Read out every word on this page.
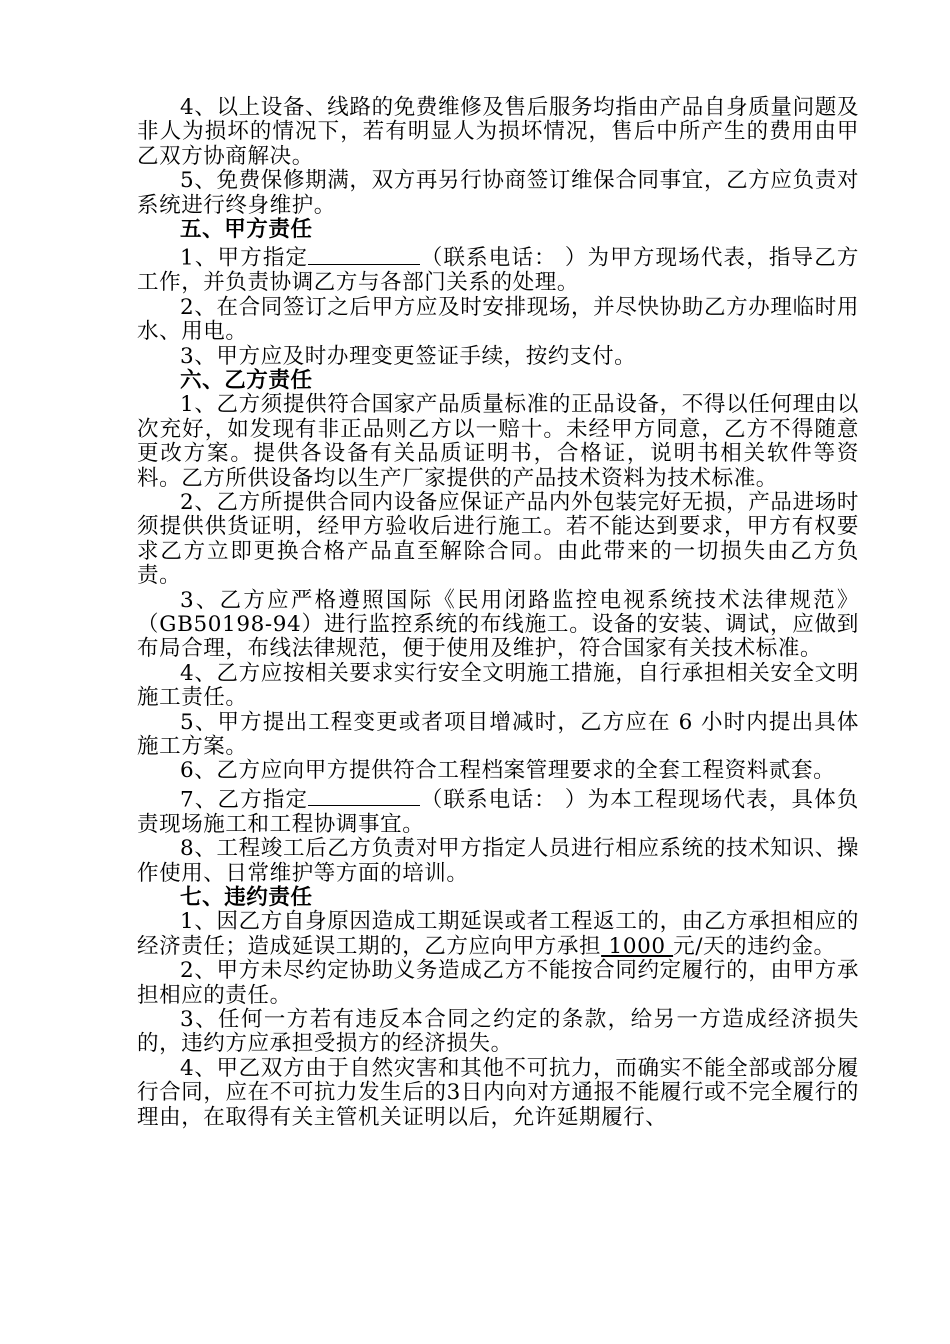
4、以上设备、线路的免费维修及售后服务均指由产品自身质量问题及非人为损坏的情况下，若有明显人为损坏情况，售后中所产生的费用由甲乙双方协商解决。

5、免费保修期满，双方再另行协商签订维保合同事宜，乙方应负责对系统进行终身维护。

五、甲方责任

1、甲方指定	（联系电话： ）为甲方现场代表，指导乙方工作，并负责协调乙方与各部门关系的处理。

2、在合同签订之后甲方应及时安排现场，并尽快协助乙方办理临时用水、用电。

3、甲方应及时办理变更签证手续，按约支付。

六、乙方责任

1、乙方须提供符合国家产品质量标准的正品设备，不得以任何理由以次充好，如发现有非正品则乙方以一赔十。未经甲方同意，乙方不得随意更改方案。提供各设备有关品质证明书，合格证，说明书相关软件等资料。乙方所供设备均以生产厂家提供的产品技术资料为技术标准。

2、乙方所提供合同内设备应保证产品内外包装完好无损，产品进场时须提供供货证明，经甲方验收后进行施工。若不能达到要求，甲方有权要求乙方立即更换合格产品直至解除合同。由此带来的一切损失由乙方负责。

3、乙方应严格遵照国际《民用闭路监控电视系统技术法律规范》（GB50198-94）进行监控系统的布线施工。设备的安装、调试，应做到布局合理，布线法律规范，便于使用及维护，符合国家有关技术标准。

4、乙方应按相关要求实行安全文明施工措施，自行承担相关安全文明施工责任。

5、甲方提出工程变更或者项目增减时，乙方应在 6 小时内提出具体施工方案。

6、乙方应向甲方提供符合工程档案管理要求的全套工程资料贰套。

7、乙方指定	（联系电话： ）为本工程现场代表，具体负责现场施工和工程协调事宜。

8、工程竣工后乙方负责对甲方指定人员进行相应系统的技术知识、操作使用、日常维护等方面的培训。

七、违约责任

1、因乙方自身原因造成工期延误或者工程返工的，由乙方承担相应的经济责任；造成延误工期的，乙方应向甲方承担 1000 元/天的违约金。

2、甲方未尽约定协助义务造成乙方不能按合同约定履行的，由甲方承担相应的责任。

3、任何一方若有违反本合同之约定的条款，给另一方造成经济损失的，违约方应承担受损方的经济损失。

4、甲乙双方由于自然灾害和其他不可抗力，而确实不能全部或部分履行合同，应在不可抗力发生后的3日内向对方通报不能履行或不完全履行的理由，在取得有关主管机关证明以后，允许延期履行、
